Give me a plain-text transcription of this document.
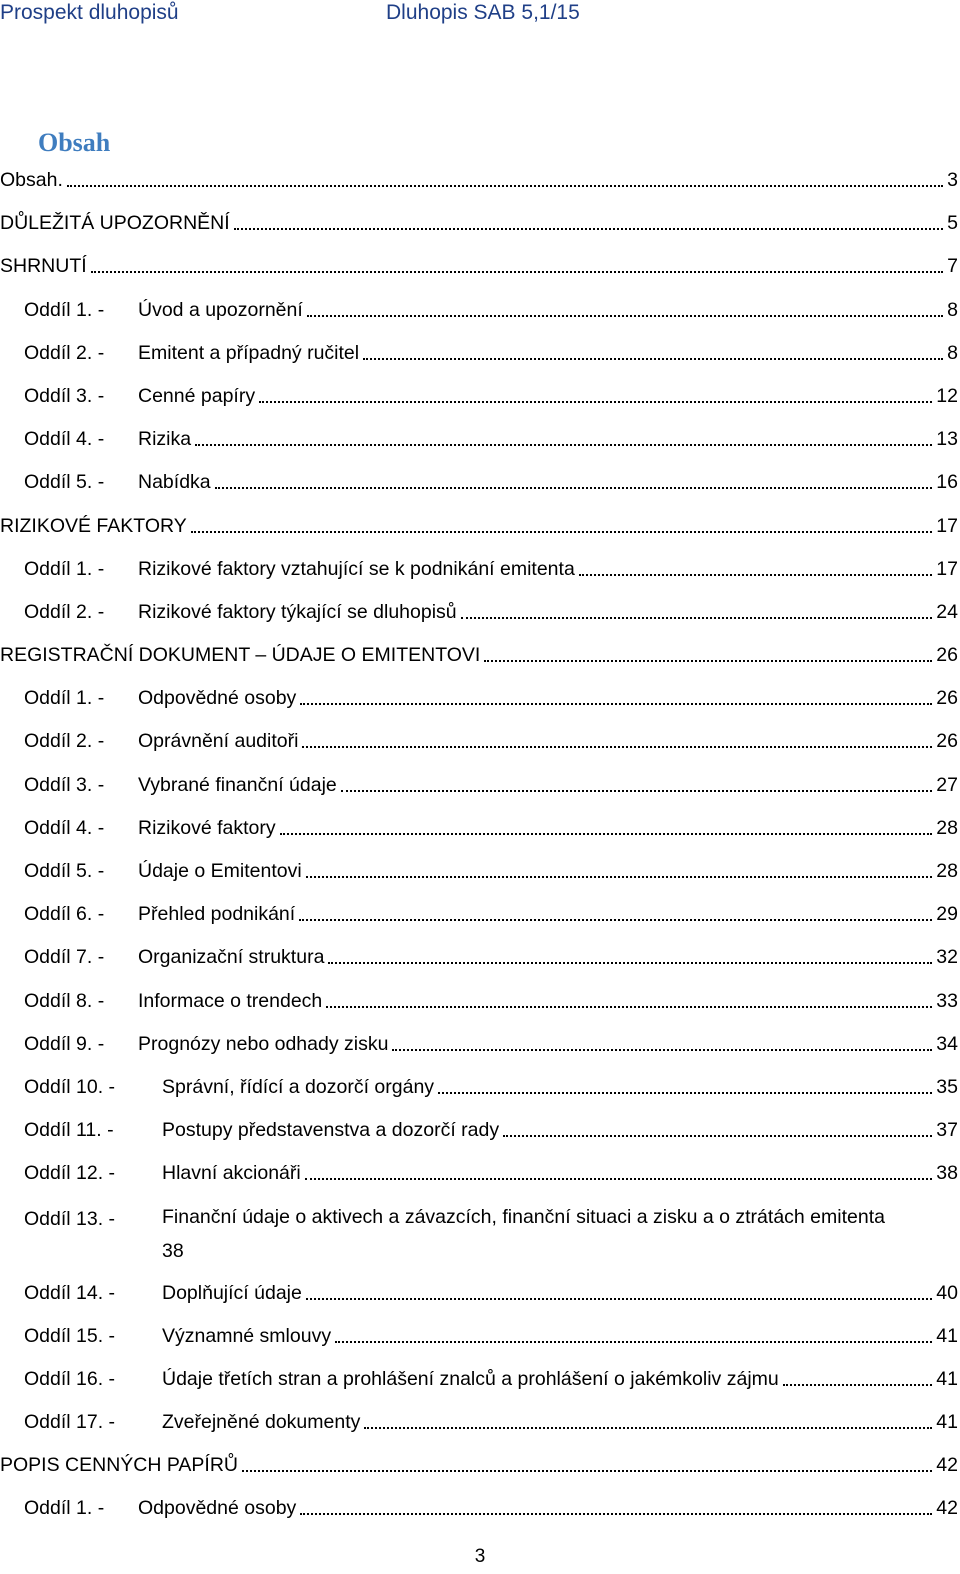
Prospekt dluhopisů	Dluhopis SAB 5,1/15
Obsah
Obsah.	3
DŮLEŽITÁ UPOZORNĚNÍ	5
SHRNUTÍ	7
Oddíl 1. -	Úvod a upozornění	8
Oddíl 2. -	Emitent a případný ručitel	8
Oddíl 3. -	Cenné papíry	12
Oddíl 4. -	Rizika	13
Oddíl 5. -	Nabídka	16
RIZIKOVÉ FAKTORY	17
Oddíl 1. -	Rizikové faktory vztahující se k podnikání emitenta	17
Oddíl 2. -	Rizikové faktory týkající se dluhopisů	24
REGISTRAČNÍ DOKUMENT – ÚDAJE O EMITENTOVI	26
Oddíl 1. -	Odpovědné osoby	26
Oddíl 2. -	Oprávnění auditoři	26
Oddíl 3. -	Vybrané finanční údaje	27
Oddíl 4. -	Rizikové faktory	28
Oddíl 5. -	Údaje o Emitentovi	28
Oddíl 6. -	Přehled podnikání	29
Oddíl 7. -	Organizační struktura	32
Oddíl 8. -	Informace o trendech	33
Oddíl 9. -	Prognózy nebo odhady zisku	34
Oddíl 10. -	Správní, řídící a dozorčí orgány	35
Oddíl 11. -	Postupy představenstva a dozorčí rady	37
Oddíl 12. -	Hlavní akcionáři	38
Oddíl 13. -	Finanční údaje o aktivech a závazcích, finanční situaci a zisku a o ztrátách emitenta
38
Oddíl 14. -	Doplňující údaje	40
Oddíl 15. -	Významné smlouvy	41
Oddíl 16. -	Údaje třetích stran a prohlášení znalců a prohlášení o jakémkoliv zájmu	41
Oddíl 17. -	Zveřejněné dokumenty	41
POPIS CENNÝCH PAPÍRŮ	42
Oddíl 1. -	Odpovědné osoby	42
3
